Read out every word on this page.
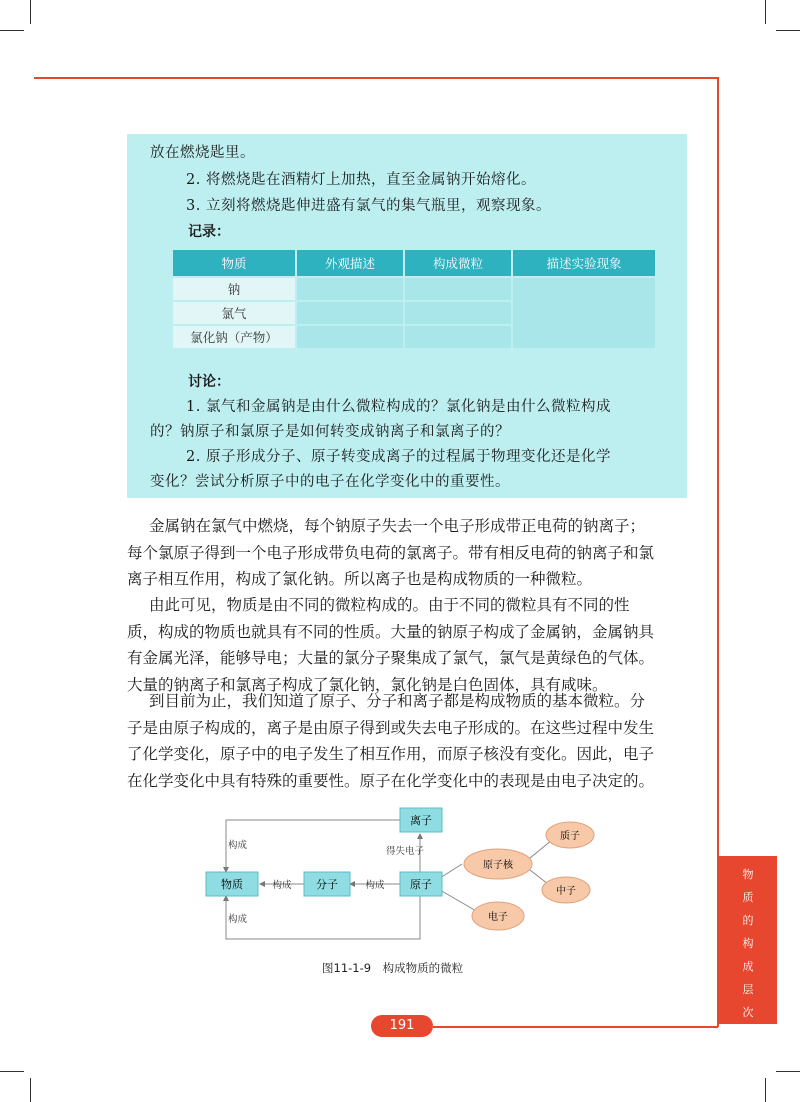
放在燃烧匙里。
2. 将燃烧匙在酒精灯上加热，直至金属钠开始熔化。
3. 立刻将燃烧匙伸进盛有氯气的集气瓶里，观察现象。
记录：
物质	外观描述	构成微粒	描述实验现象
钠			
氯气			
氯化钠（产物）			
讨论：
1. 氯气和金属钠是由什么微粒构成的？氯化钠是由什么微粒构成
的？钠原子和氯原子是如何转变成钠离子和氯离子的？
2. 原子形成分子、原子转变成离子的过程属于物理变化还是化学
变化？尝试分析原子中的电子在化学变化中的重要性。
金属钠在氯气中燃烧，每个钠原子失去一个电子形成带正电荷的钠离子；
每个氯原子得到一个电子形成带负电荷的氯离子。带有相反电荷的钠离子和氯
离子相互作用，构成了氯化钠。所以离子也是构成物质的一种微粒。
由此可见，物质是由不同的微粒构成的。由于不同的微粒具有不同的性
质，构成的物质也就具有不同的性质。大量的钠原子构成了金属钠，金属钠具
有金属光泽，能够导电；大量的氯分子聚集成了氯气，氯气是黄绿色的气体。
大量的钠离子和氯离子构成了氯化钠，氯化钠是白色固体，具有咸味。
到目前为止，我们知道了原子、分子和离子都是构成物质的基本微粒。分
子是由原子构成的，离子是由原子得到或失去电子形成的。在这些过程中发生
了化学变化，原子中的电子发生了相互作用，而原子核没有变化。因此，电子
在化学变化中具有特殊的重要性。原子在化学变化中的表现是由电子决定的。
离子
物质	分子	原子
原子核
质子
中子
电子
构成
构成
构成	构成
得失电子
图11-1-9　构成物质的微粒
物
质
的
构
成
层
次
191
